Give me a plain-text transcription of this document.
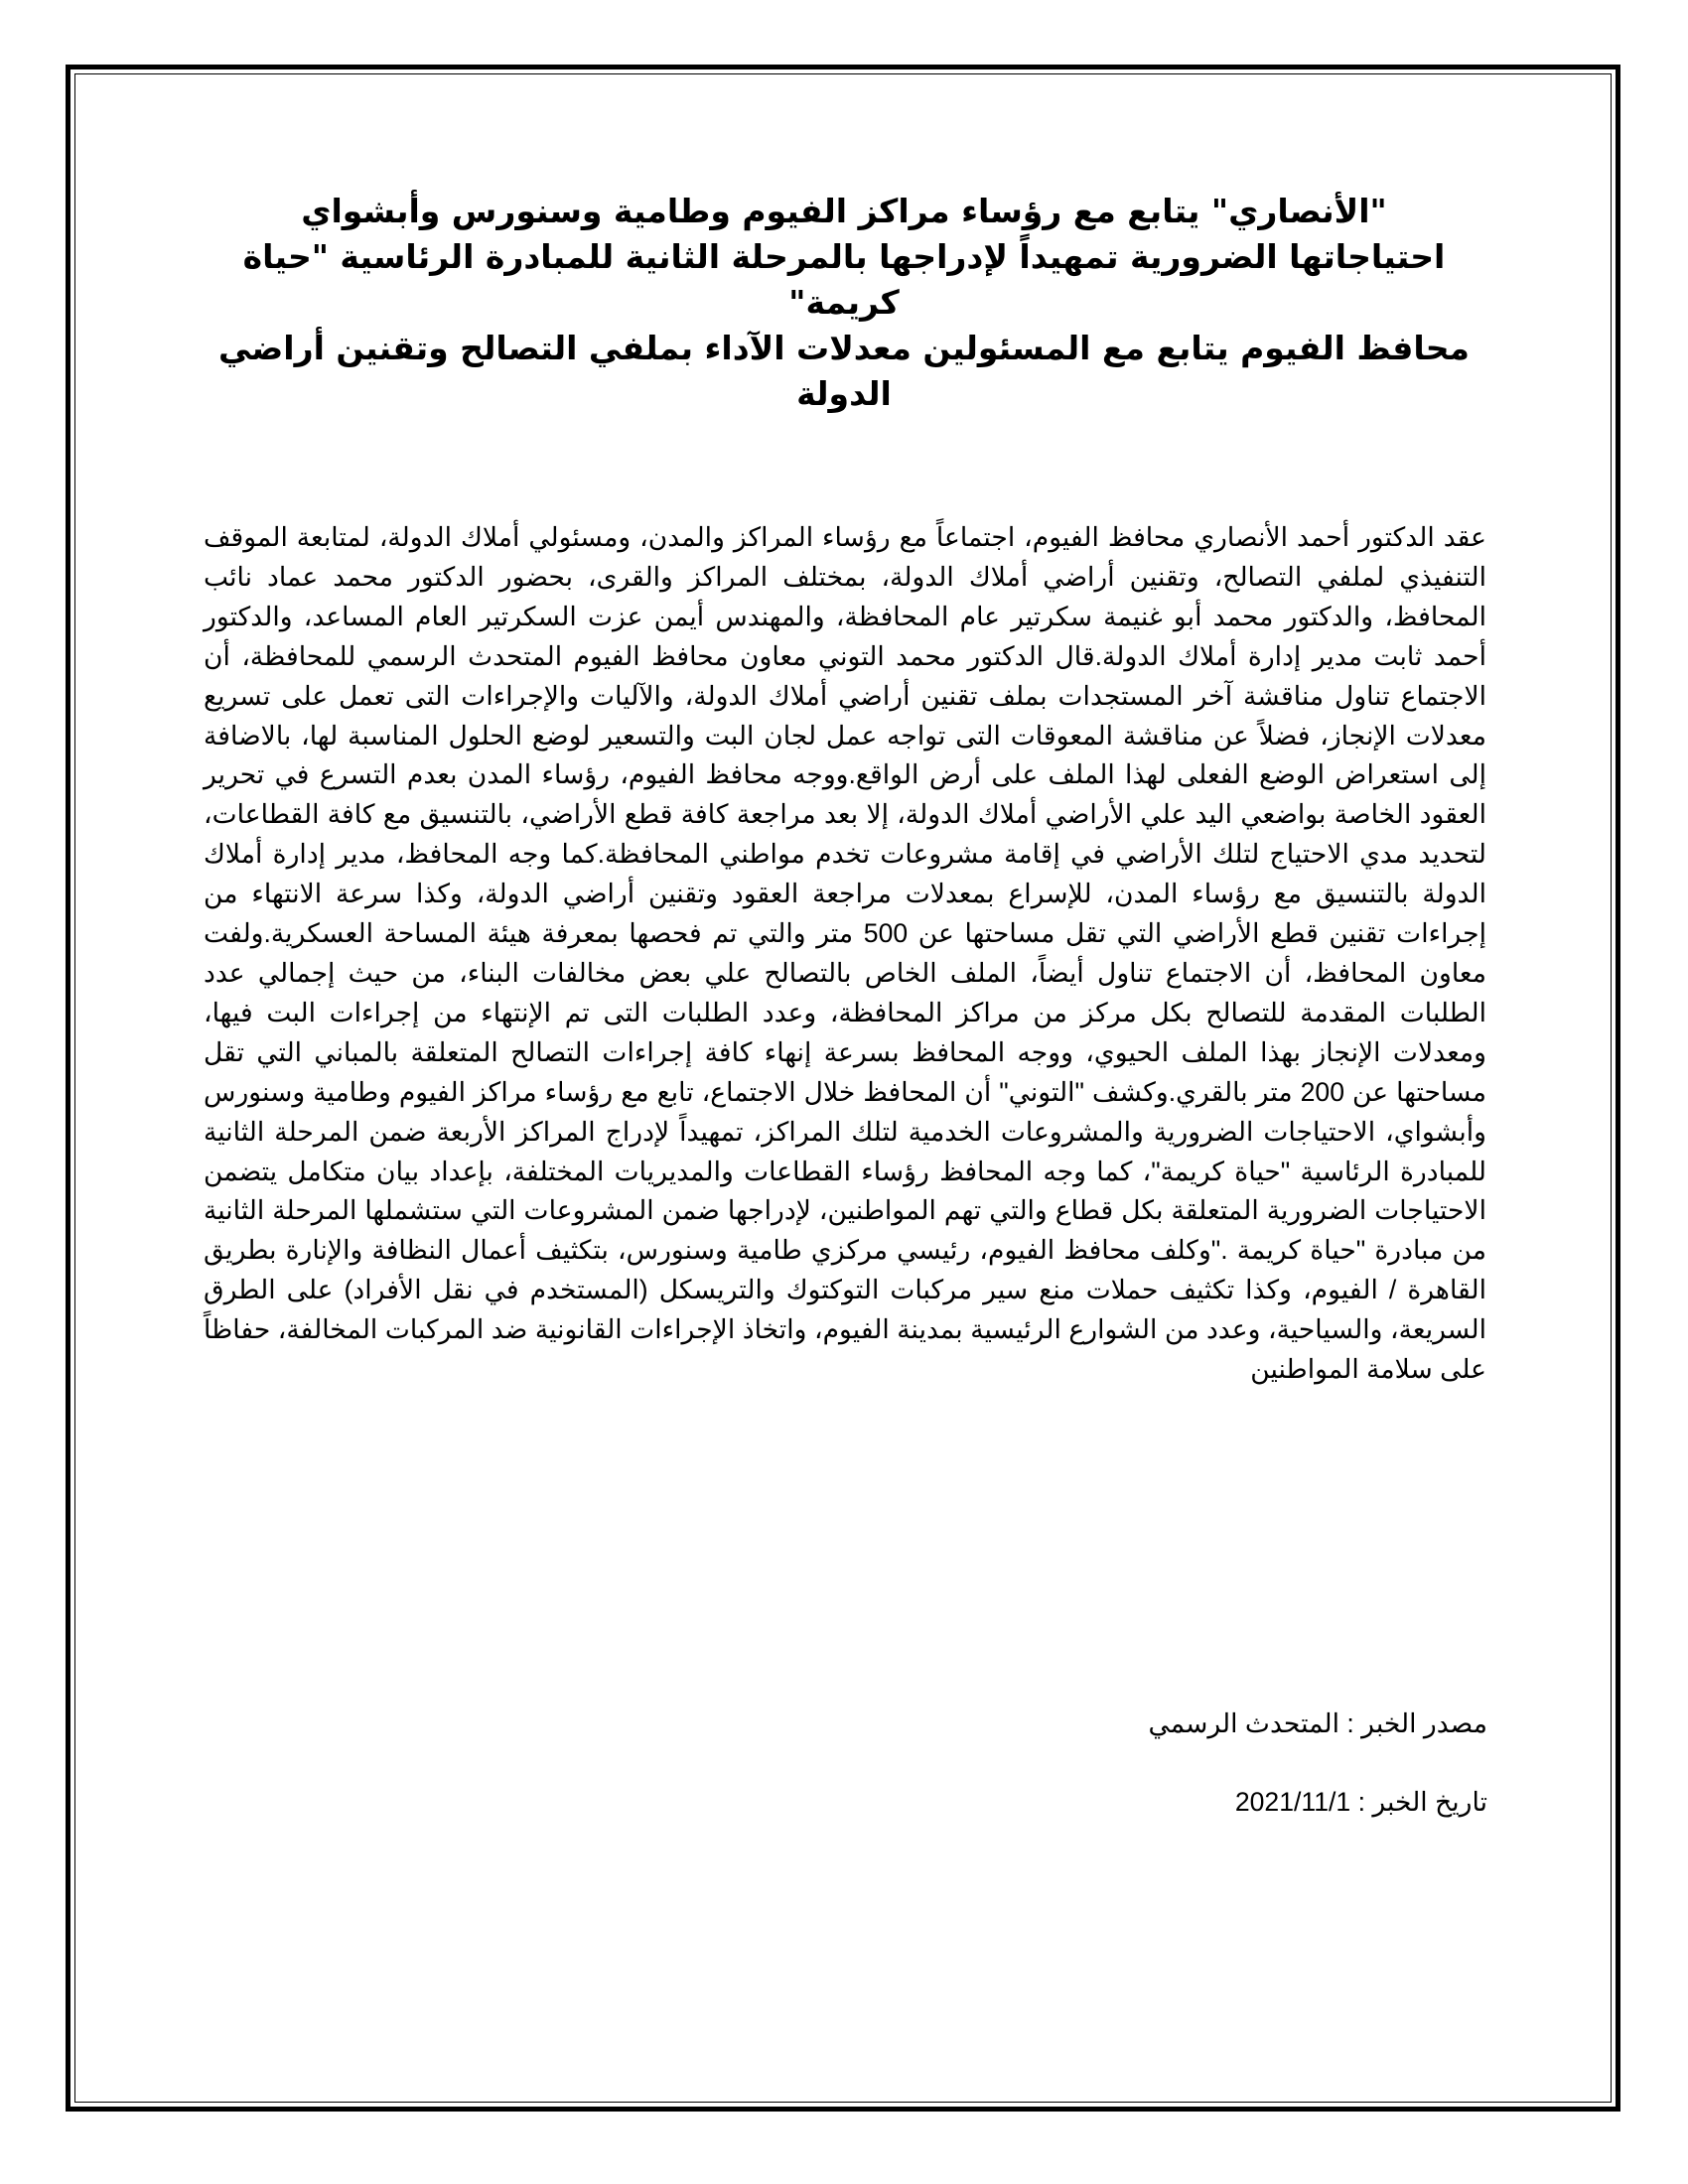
"الأنصاري" يتابع مع رؤساء مراكز الفيوم وطامية وسنورس وأبشواي

احتياجاتها الضرورية تمهيداً لإدراجها بالمرحلة الثانية للمبادرة الرئاسية "حياة

كريمة"

محافظ الفيوم يتابع مع المسئولين معدلات الآداء بملفي التصالح وتقنين أراضي

الدولة

عقد الدكتور أحمد الأنصاري محافظ الفيوم، اجتماعاً مع رؤساء المراكز والمدن، ومسئولي أملاك الدولة، لمتابعة الموقف التنفيذي لملفي التصالح، وتقنين أراضي أملاك الدولة، بمختلف المراكز والقرى، بحضور الدكتور محمد عماد نائب المحافظ، والدكتور محمد أبو غنيمة سكرتير عام المحافظة، والمهندس أيمن عزت السكرتير العام المساعد، والدكتور أحمد ثابت مدير إدارة أملاك الدولة.قال الدكتور محمد التوني معاون محافظ الفيوم المتحدث الرسمي للمحافظة، أن الاجتماع تناول مناقشة آخر المستجدات بملف تقنين أراضي أملاك الدولة، والآليات والإجراءات التى تعمل على تسريع معدلات الإنجاز، فضلاً عن مناقشة المعوقات التى تواجه عمل لجان البت والتسعير لوضع الحلول المناسبة لها، بالاضافة إلى استعراض الوضع الفعلى لهذا الملف على أرض الواقع.ووجه محافظ الفيوم، رؤساء المدن بعدم التسرع في تحرير العقود الخاصة بواضعي اليد علي الأراضي أملاك الدولة، إلا بعد مراجعة كافة قطع الأراضي، بالتنسيق مع كافة القطاعات، لتحديد مدي الاحتياج لتلك الأراضي في إقامة مشروعات تخدم مواطني المحافظة.كما وجه المحافظ، مدير إدارة أملاك الدولة بالتنسيق مع رؤساء المدن، للإسراع بمعدلات مراجعة العقود وتقنين أراضي الدولة، وكذا سرعة الانتهاء من إجراءات تقنين قطع الأراضي التي تقل مساحتها عن 500 متر والتي تم فحصها بمعرفة هيئة المساحة العسكرية.ولفت معاون المحافظ، أن الاجتماع تناول أيضاً، الملف الخاص بالتصالح علي بعض مخالفات البناء، من حيث إجمالي عدد الطلبات المقدمة للتصالح بكل مركز من مراكز المحافظة، وعدد الطلبات التى تم الإنتهاء من إجراءات البت فيها، ومعدلات الإنجاز بهذا الملف الحيوي، ووجه المحافظ بسرعة إنهاء كافة إجراءات التصالح المتعلقة بالمباني التي تقل مساحتها عن 200 متر بالقري.وكشف "التوني" أن المحافظ خلال الاجتماع، تابع مع رؤساء مراكز الفيوم وطامية وسنورس وأبشواي، الاحتياجات الضرورية والمشروعات الخدمية لتلك المراكز، تمهيداً لإدراج المراكز الأربعة ضمن المرحلة الثانية للمبادرة الرئاسية "حياة كريمة"، كما وجه المحافظ رؤساء القطاعات والمديريات المختلفة، بإعداد بيان متكامل يتضمن الاحتياجات الضرورية المتعلقة بكل قطاع والتي تهم المواطنين، لإدراجها ضمن المشروعات التي ستشملها المرحلة الثانية من مبادرة "حياة كريمة ."وكلف محافظ الفيوم، رئيسي مركزي طامية وسنورس، بتكثيف أعمال النظافة والإنارة بطريق القاهرة / الفيوم، وكذا تكثيف حملات منع سير مركبات التوكتوك والتريسكل (المستخدم في نقل الأفراد) على الطرق السريعة، والسياحية، وعدد من الشوارع الرئيسية بمدينة الفيوم، واتخاذ الإجراءات القانونية ضد المركبات المخالفة، حفاظاً على سلامة المواطنين

مصدر الخبر : المتحدث الرسمي

تاريخ الخبر : 2021/11/1
